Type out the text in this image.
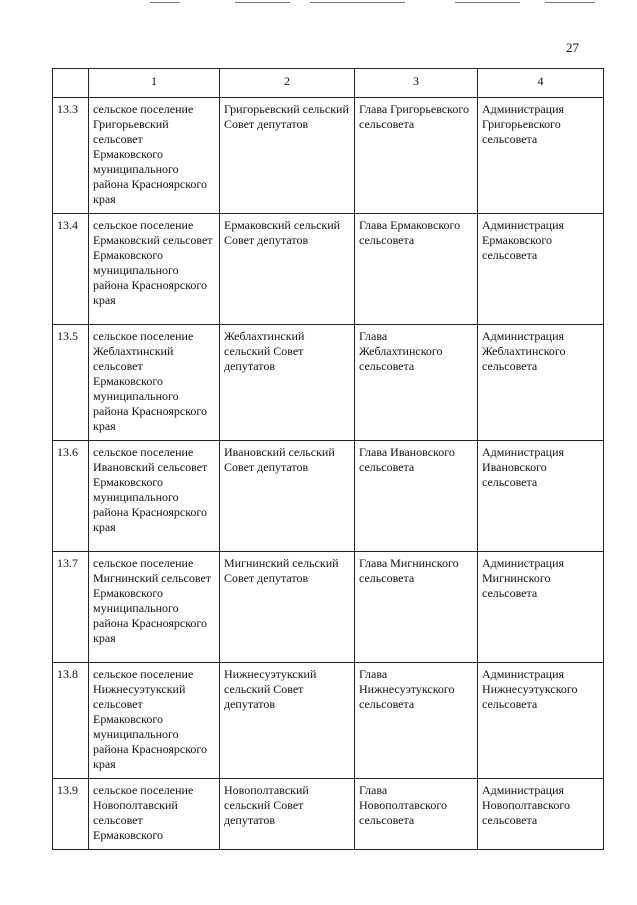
27
	1	2	3	4
13.3	сельское поселение Григорьевский сельсовет Ермаковского муниципального района Красноярского края	Григорьевский сельский Совет депутатов	Глава Григорьевского сельсовета	Администрация Григорьевского сельсовета
13.4	сельское поселение Ермаковский сельсовет Ермаковского муниципального района Красноярского края	Ермаковский сельский Совет депутатов	Глава Ермаковского сельсовета	Администрация Ермаковского сельсовета
13.5	сельское поселение Жеблахтинский сельсовет Ермаковского муниципального района Красноярского края	Жеблахтинский сельский Совет депутатов	Глава Жеблахтинского сельсовета	Администрация Жеблахтинского сельсовета
13.6	сельское поселение Ивановский сельсовет Ермаковского муниципального района Красноярского края	Ивановский сельский Совет депутатов	Глава Ивановского сельсовета	Администрация Ивановского сельсовета
13.7	сельское поселение Мигнинский сельсовет Ермаковского муниципального района Красноярского края	Мигнинский сельский Совет депутатов	Глава Мигнинского сельсовета	Администрация Мигнинского сельсовета
13.8	сельское поселение Нижнесуэтукский сельсовет Ермаковского муниципального района Красноярского края	Нижнесуэтукский сельский Совет депутатов	Глава Нижнесуэтукского сельсовета	Администрация Нижнесуэтукского сельсовета
13.9	сельское поселение Новополтавский сельсовет Ермаковского	Новополтавский сельский Совет депутатов	Глава Новополтавского сельсовета	Администрация Новополтавского сельсовета
